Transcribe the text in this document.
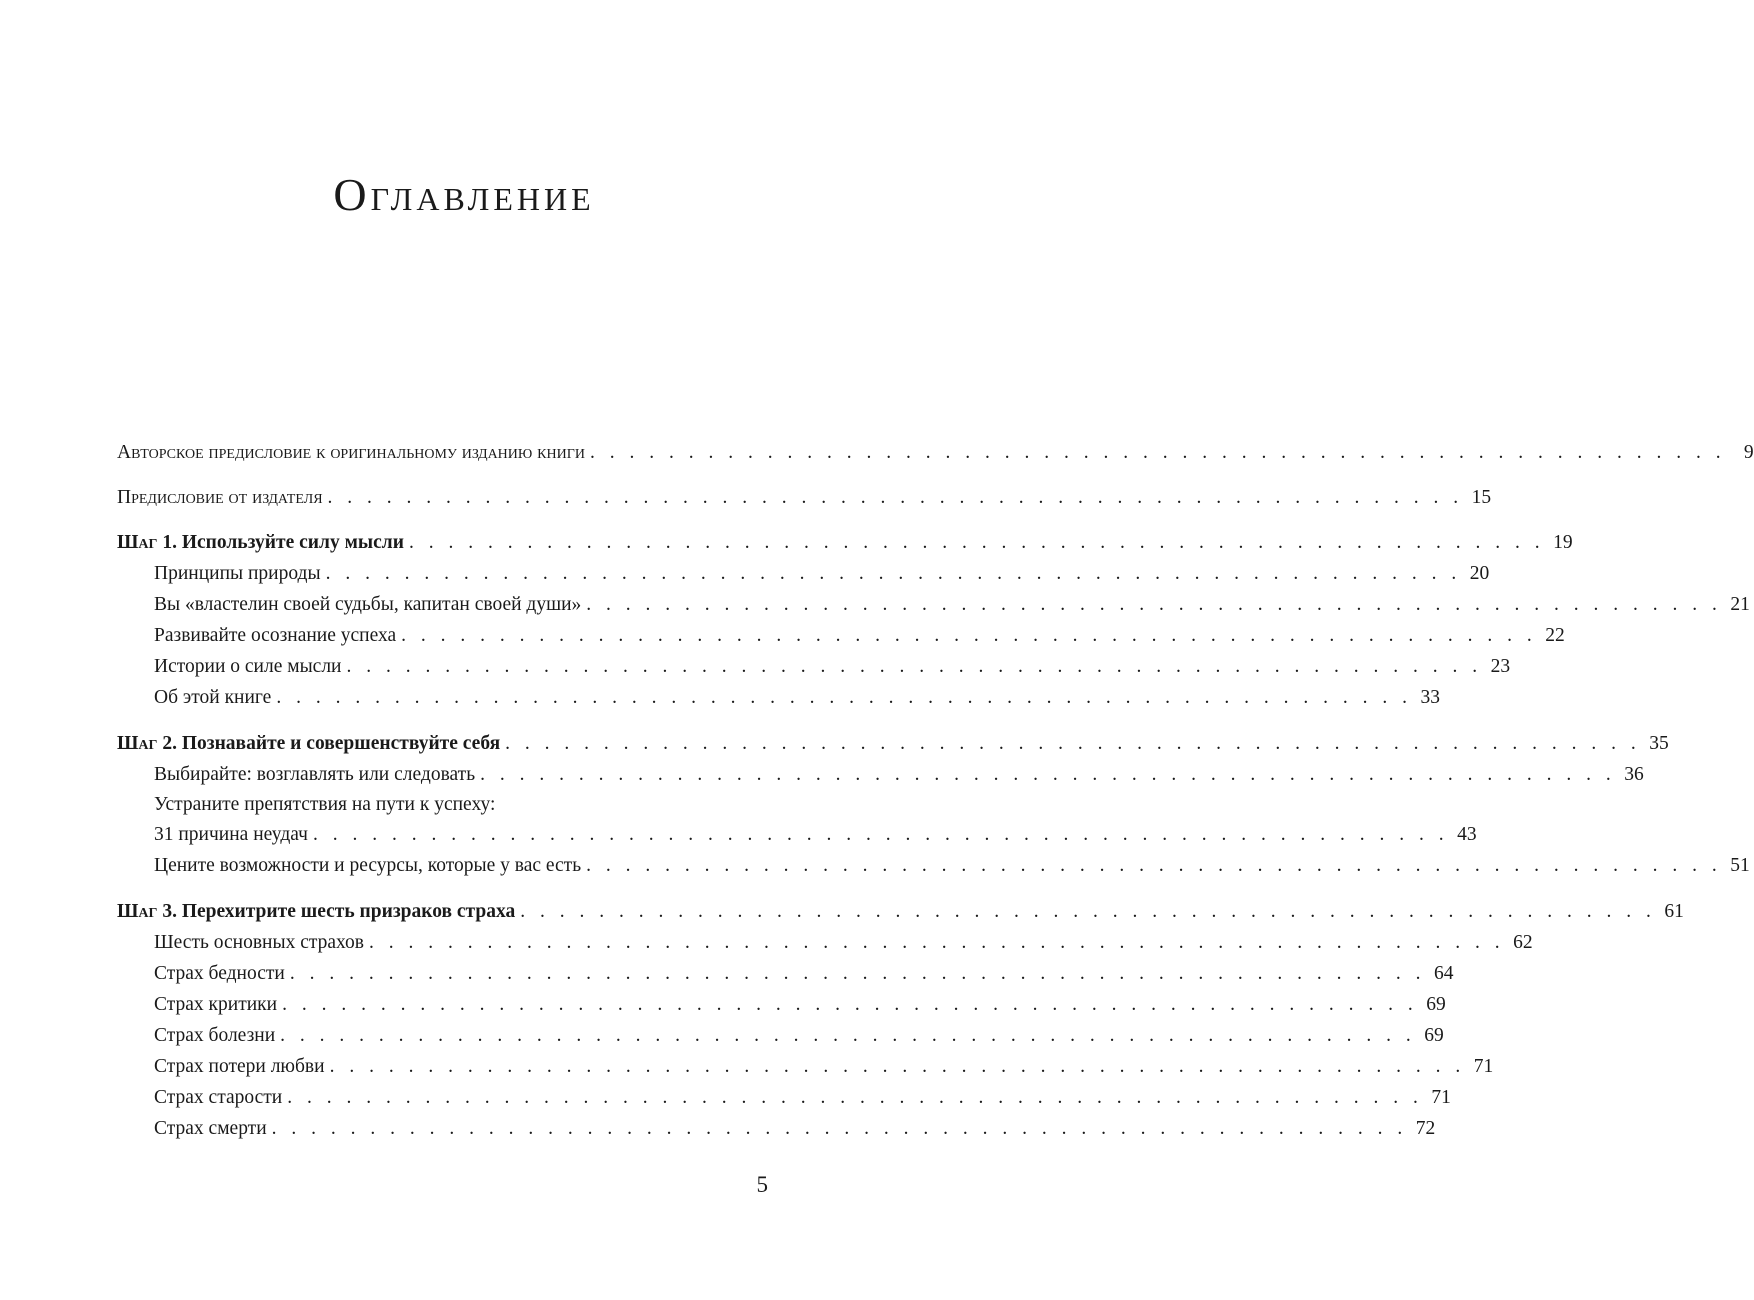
Оглавление
Авторское предисловие к оригинальному изданию книги . . . . . . . . . . . . . . . . . . . . . . . . . . . . . . . . . . . . . . . . . . . . . . . . . . . . . . . . . . 9
Предисловие от издателя . . . . . . . . . . . . . . . . . . . . . . . . . . . . . . . . . . . . . . . . . . . . . . . . . . . . . . . . . . 15
Шаг 1. Используйте силу мысли . . . . . . . . . . . . . . . . . . . . . . . . . . . . . . . . . . . . . . . . . . . . . . . . . . . . . . . . . . 19
Принципы природы . . . . . . . . . . . . . . . . . . . . . . . . . . . . . . . . . . . . . . . . . . . . . . . . . . . . . . . . . . 20
Вы «властелин своей судьбы, капитан своей души» . . . . . . . . . . . . . . . . . . . . . . . . . . . . . . . . . . . . . . . . . . . . . . . . . . . . . . . . . . 21
Развивайте осознание успеха . . . . . . . . . . . . . . . . . . . . . . . . . . . . . . . . . . . . . . . . . . . . . . . . . . . . . . . . . . 22
Истории о силе мысли . . . . . . . . . . . . . . . . . . . . . . . . . . . . . . . . . . . . . . . . . . . . . . . . . . . . . . . . . . 23
Об этой книге . . . . . . . . . . . . . . . . . . . . . . . . . . . . . . . . . . . . . . . . . . . . . . . . . . . . . . . . . . 33
Шаг 2. Познавайте и совершенствуйте себя . . . . . . . . . . . . . . . . . . . . . . . . . . . . . . . . . . . . . . . . . . . . . . . . . . . . . . . . . . 35
Выбирайте: возглавлять или следовать . . . . . . . . . . . . . . . . . . . . . . . . . . . . . . . . . . . . . . . . . . . . . . . . . . . . . . . . . . 36
Устраните препятствия на пути к успеху:
31 причина неудач . . . . . . . . . . . . . . . . . . . . . . . . . . . . . . . . . . . . . . . . . . . . . . . . . . . . . . . . . . 43
Цените возможности и ресурсы, которые у вас есть . . . . . . . . . . . . . . . . . . . . . . . . . . . . . . . . . . . . . . . . . . . . . . . . . . . . . . . . . . 51
Шаг 3. Перехитрите шесть призраков страха . . . . . . . . . . . . . . . . . . . . . . . . . . . . . . . . . . . . . . . . . . . . . . . . . . . . . . . . . . 61
Шесть основных страхов . . . . . . . . . . . . . . . . . . . . . . . . . . . . . . . . . . . . . . . . . . . . . . . . . . . . . . . . . . 62
Страх бедности . . . . . . . . . . . . . . . . . . . . . . . . . . . . . . . . . . . . . . . . . . . . . . . . . . . . . . . . . . 64
Страх критики . . . . . . . . . . . . . . . . . . . . . . . . . . . . . . . . . . . . . . . . . . . . . . . . . . . . . . . . . . 69
Страх болезни . . . . . . . . . . . . . . . . . . . . . . . . . . . . . . . . . . . . . . . . . . . . . . . . . . . . . . . . . . 69
Страх потери любви . . . . . . . . . . . . . . . . . . . . . . . . . . . . . . . . . . . . . . . . . . . . . . . . . . . . . . . . . . 71
Страх старости . . . . . . . . . . . . . . . . . . . . . . . . . . . . . . . . . . . . . . . . . . . . . . . . . . . . . . . . . . 71
Страх смерти . . . . . . . . . . . . . . . . . . . . . . . . . . . . . . . . . . . . . . . . . . . . . . . . . . . . . . . . . . 72
5
